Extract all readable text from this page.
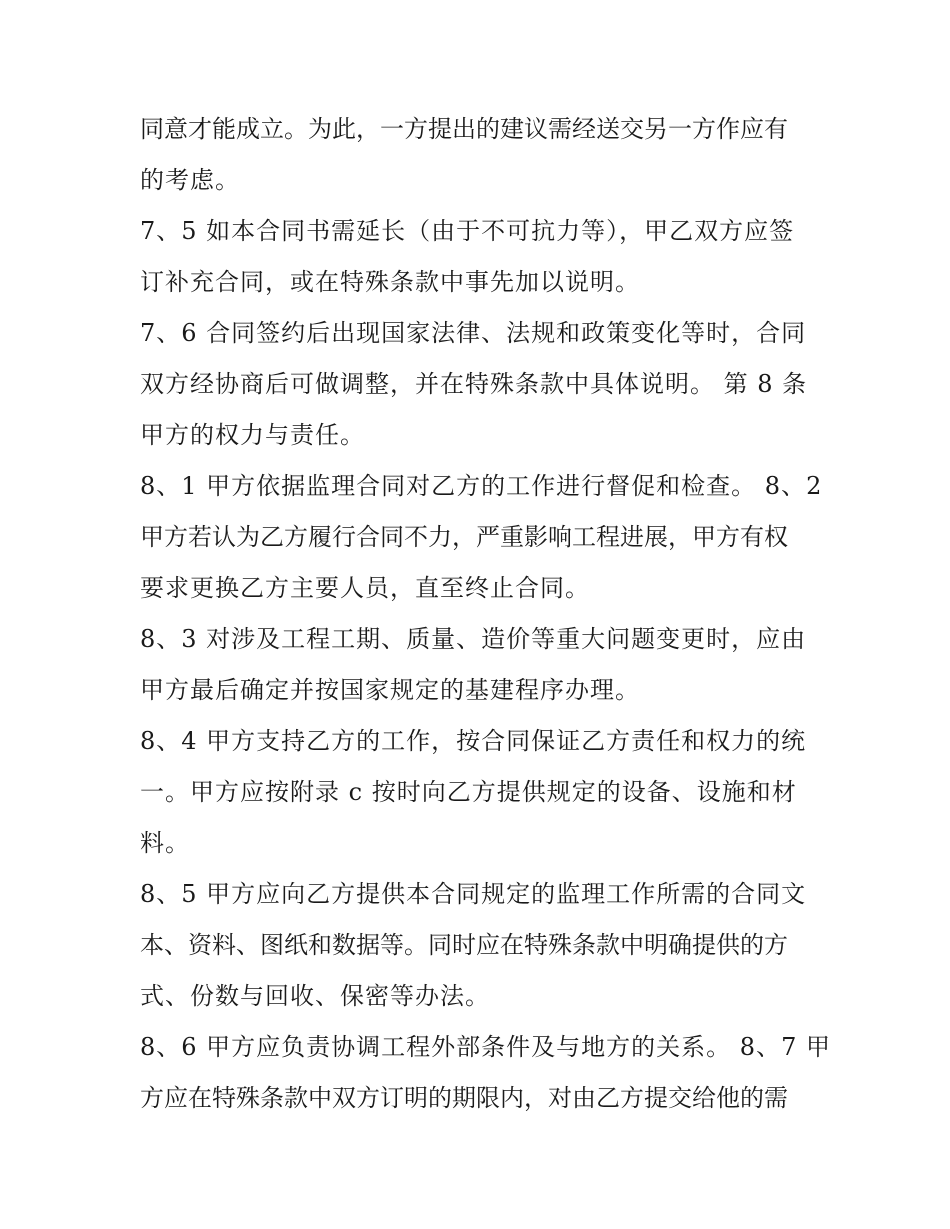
同意才能成立。为此，一方提出的建议需经送交另一方作应有
的考虑。
7、5 如本合同书需延长（由于不可抗力等），甲乙双方应签
订补充合同，或在特殊条款中事先加以说明。
7、6 合同签约后出现国家法律、法规和政策变化等时，合同
双方经协商后可做调整，并在特殊条款中具体说明。 第 8 条
甲方的权力与责任。
8、1 甲方依据监理合同对乙方的工作进行督促和检查。 8、2
甲方若认为乙方履行合同不力，严重影响工程进展，甲方有权
要求更换乙方主要人员，直至终止合同。
8、3 对涉及工程工期、质量、造价等重大问题变更时，应由
甲方最后确定并按国家规定的基建程序办理。
8、4 甲方支持乙方的工作，按合同保证乙方责任和权力的统
一。甲方应按附录 c 按时向乙方提供规定的设备、设施和材
料。
8、5 甲方应向乙方提供本合同规定的监理工作所需的合同文
本、资料、图纸和数据等。同时应在特殊条款中明确提供的方
式、份数与回收、保密等办法。
8、6 甲方应负责协调工程外部条件及与地方的关系。 8、7 甲
方应在特殊条款中双方订明的期限内，对由乙方提交给他的需
